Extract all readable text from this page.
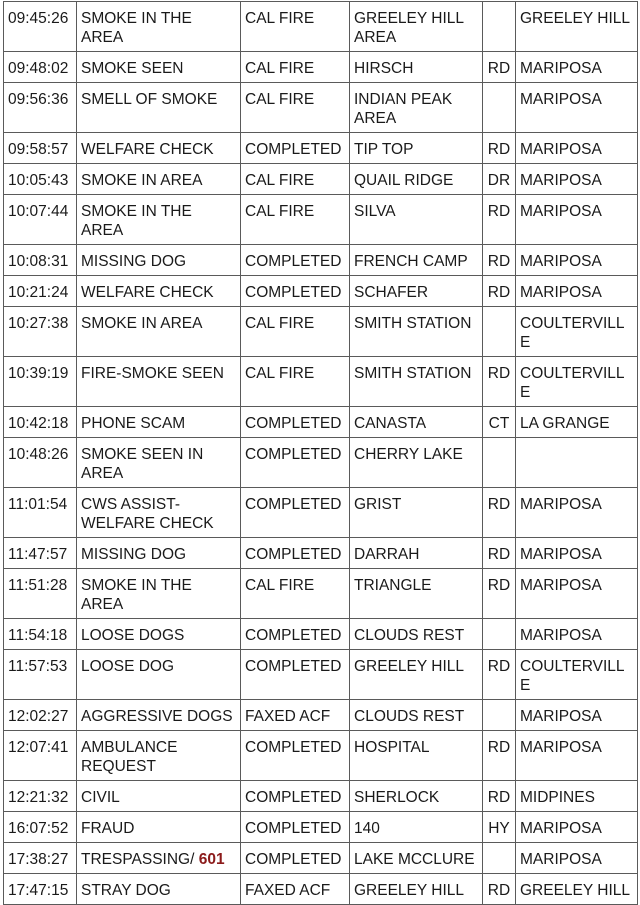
09:45:26	SMOKE IN THE AREA	CAL FIRE	GREELEY HILL AREA		GREELEY HILL
09:48:02	SMOKE SEEN	CAL FIRE	HIRSCH	RD	MARIPOSA
09:56:36	SMELL OF SMOKE	CAL FIRE	INDIAN PEAK AREA		MARIPOSA
09:58:57	WELFARE CHECK	COMPLETED	TIP TOP	RD	MARIPOSA
10:05:43	SMOKE IN AREA	CAL FIRE	QUAIL RIDGE	DR	MARIPOSA
10:07:44	SMOKE IN THE AREA	CAL FIRE	SILVA	RD	MARIPOSA
10:08:31	MISSING DOG	COMPLETED	FRENCH CAMP	RD	MARIPOSA
10:21:24	WELFARE CHECK	COMPLETED	SCHAFER	RD	MARIPOSA
10:27:38	SMOKE IN AREA	CAL FIRE	SMITH STATION		COULTERVILLE
10:39:19	FIRE-SMOKE SEEN	CAL FIRE	SMITH STATION	RD	COULTERVILLE
10:42:18	PHONE SCAM	COMPLETED	CANASTA	CT	LA GRANGE
10:48:26	SMOKE SEEN IN AREA	COMPLETED	CHERRY LAKE		
11:01:54	CWS ASSIST-WELFARE CHECK	COMPLETED	GRIST	RD	MARIPOSA
11:47:57	MISSING DOG	COMPLETED	DARRAH	RD	MARIPOSA
11:51:28	SMOKE IN THE AREA	CAL FIRE	TRIANGLE	RD	MARIPOSA
11:54:18	LOOSE DOGS	COMPLETED	CLOUDS REST		MARIPOSA
11:57:53	LOOSE DOG	COMPLETED	GREELEY HILL	RD	COULTERVILLE
12:02:27	AGGRESSIVE DOGS	FAXED ACF	CLOUDS REST		MARIPOSA
12:07:41	AMBULANCE REQUEST	COMPLETED	HOSPITAL	RD	MARIPOSA
12:21:32	CIVIL	COMPLETED	SHERLOCK	RD	MIDPINES
16:07:52	FRAUD	COMPLETED	140	HY	MARIPOSA
17:38:27	TRESPASSING/ 601	COMPLETED	LAKE MCCLURE		MARIPOSA
17:47:15	STRAY DOG	FAXED ACF	GREELEY HILL	RD	GREELEY HILL
